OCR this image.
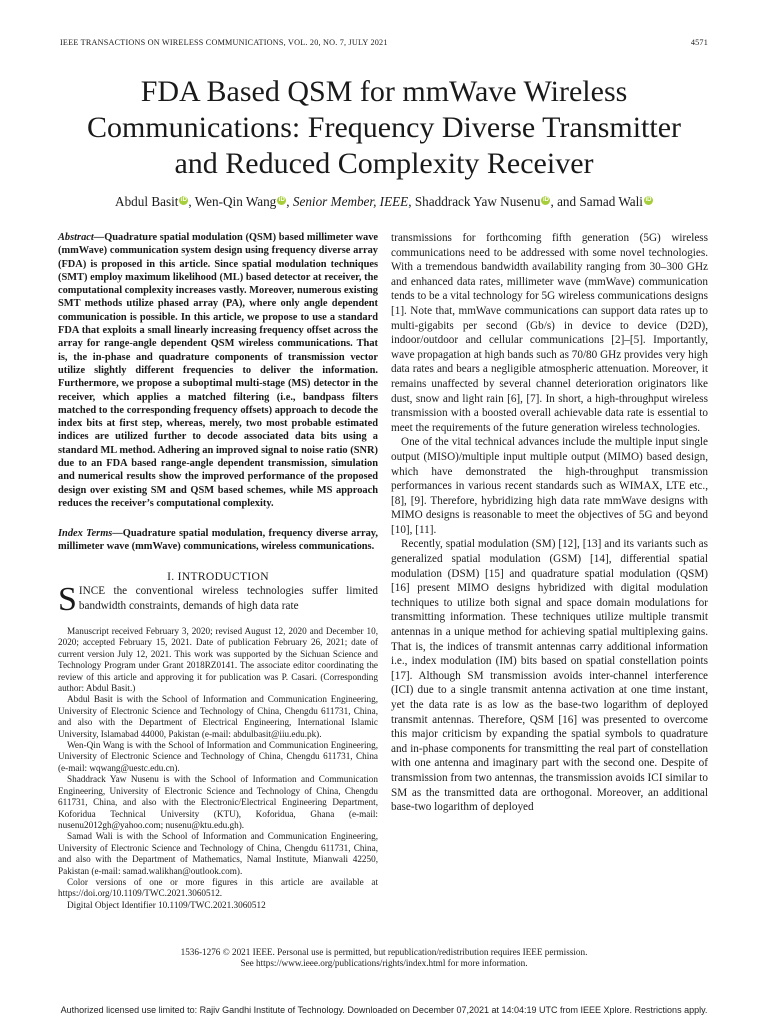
IEEE TRANSACTIONS ON WIRELESS COMMUNICATIONS, VOL. 20, NO. 7, JULY 2021	4571
FDA Based QSM for mmWave Wireless
Communications: Frequency Diverse Transmitter
and Reduced Complexity Receiver
Abdul Basit iD , Wen-Qin Wang iD , Senior Member, IEEE, Shaddrack Yaw Nusenu iD , and Samad Wali iD
Abstract—Quadrature spatial modulation (QSM) based millimeter wave (mmWave) communication system design using frequency diverse array (FDA) is proposed in this article. Since spatial modulation techniques (SMT) employ maximum likelihood (ML) based detector at receiver, the computational complexity increases vastly. Moreover, numerous existing SMT methods utilize phased array (PA), where only angle dependent communication is possible. In this article, we propose to use a standard FDA that exploits a small linearly increasing frequency offset across the array for range-angle dependent QSM wireless communications. That is, the in-phase and quadrature components of transmission vector utilize slightly different frequencies to deliver the information. Furthermore, we propose a suboptimal multi-stage (MS) detector in the receiver, which applies a matched filtering (i.e., bandpass filters matched to the corresponding frequency offsets) approach to decode the index bits at first step, whereas, merely, two most probable estimated indices are utilized further to decode associated data bits using a standard ML method. Adhering an improved signal to noise ratio (SNR) due to an FDA based range-angle dependent transmission, simulation and numerical results show the improved performance of the proposed design over existing SM and QSM based schemes, while MS approach reduces the receiver’s computational complexity.
Index Terms—Quadrature spatial modulation, frequency diverse array, millimeter wave (mmWave) communications, wireless communications.
I. INTRODUCTION
SINCE the conventional wireless technologies suffer limited bandwidth constraints, demands of high data rate

Manuscript received February 3, 2020; revised August 12, 2020 and December 10, 2020; accepted February 15, 2021. Date of publication February 26, 2021; date of current version July 12, 2021. This work was supported by the Sichuan Science and Technology Program under Grant 2018RZ0141. The associate editor coordinating the review of this article and approving it for publication was P. Casari. (Corresponding author: Abdul Basit.)

Abdul Basit is with the School of Information and Communication Engineering, University of Electronic Science and Technology of China, Chengdu 611731, China, and also with the Department of Electrical Engineering, International Islamic University, Islamabad 44000, Pakistan (e-mail: abdulbasit@iiu.edu.pk).

Wen-Qin Wang is with the School of Information and Communication Engineering, University of Electronic Science and Technology of China, Chengdu 611731, China (e-mail: wqwang@uestc.edu.cn).

Shaddrack Yaw Nusenu is with the School of Information and Communication Engineering, University of Electronic Science and Technology of China, Chengdu 611731, China, and also with the Electronic/Electrical Engineering Department, Koforidua Technical University (KTU), Koforidua, Ghana (e-mail: nusenu2012gh@yahoo.com; nusenu@ktu.edu.gh).

Samad Wali is with the School of Information and Communication Engineering, University of Electronic Science and Technology of China, Chengdu 611731, China, and also with the Department of Mathematics, Namal Institute, Mianwali 42250, Pakistan (e-mail: samad.walikhan@outlook.com).

Color versions of one or more figures in this article are available at https://doi.org/10.1109/TWC.2021.3060512.

Digital Object Identifier 10.1109/TWC.2021.3060512

transmissions for forthcoming fifth generation (5G) wireless communications need to be addressed with some novel technologies. With a tremendous bandwidth availability ranging from 30–300 GHz and enhanced data rates, millimeter wave (mmWave) communication tends to be a vital technology for 5G wireless communications designs [1]. Note that, mmWave communications can support data rates up to multi-gigabits per second (Gb/s) in device to device (D2D), indoor/outdoor and cellular communications [2]–[5]. Importantly, wave propagation at high bands such as 70/80 GHz provides very high data rates and bears a negligible atmospheric attenuation. Moreover, it remains unaffected by several channel deterioration originators like dust, snow and light rain [6], [7]. In short, a high-throughput wireless transmission with a boosted overall achievable data rate is essential to meet the requirements of the future generation wireless technologies.

One of the vital technical advances include the multiple input single output (MISO)/multiple input multiple output (MIMO) based design, which have demonstrated the high-throughput transmission performances in various recent standards such as WIMAX, LTE etc., [8], [9]. Therefore, hybridizing high data rate mmWave designs with MIMO designs is reasonable to meet the objectives of 5G and beyond [10], [11].

Recently, spatial modulation (SM) [12], [13] and its variants such as generalized spatial modulation (GSM) [14], differential spatial modulation (DSM) [15] and quadrature spatial modulation (QSM) [16] present MIMO designs hybridized with digital modulation techniques to utilize both signal and space domain modulations for transmitting information. These techniques utilize multiple transmit antennas in a unique method for achieving spatial multiplexing gains. That is, the indices of transmit antennas carry additional information i.e., index modulation (IM) bits based on spatial constellation points [17]. Although SM transmission avoids inter-channel interference (ICI) due to a single transmit antenna activation at one time instant, yet the data rate is as low as the base-two logarithm of deployed transmit antennas. Therefore, QSM [16] was presented to overcome this major criticism by expanding the spatial symbols to quadrature and in-phase components for transmitting the real part of constellation with one antenna and imaginary part with the second one. Despite of transmission from two antennas, the transmission avoids ICI similar to SM as the transmitted data are orthogonal. Moreover, an additional base-two logarithm of deployed

1536-1276 © 2021 IEEE. Personal use is permitted, but republication/redistribution requires IEEE permission.
See https://www.ieee.org/publications/rights/index.html for more information.
Authorized licensed use limited to: Rajiv Gandhi Institute of Technology. Downloaded on December 07,2021 at 14:04:19 UTC from IEEE Xplore. Restrictions apply.
